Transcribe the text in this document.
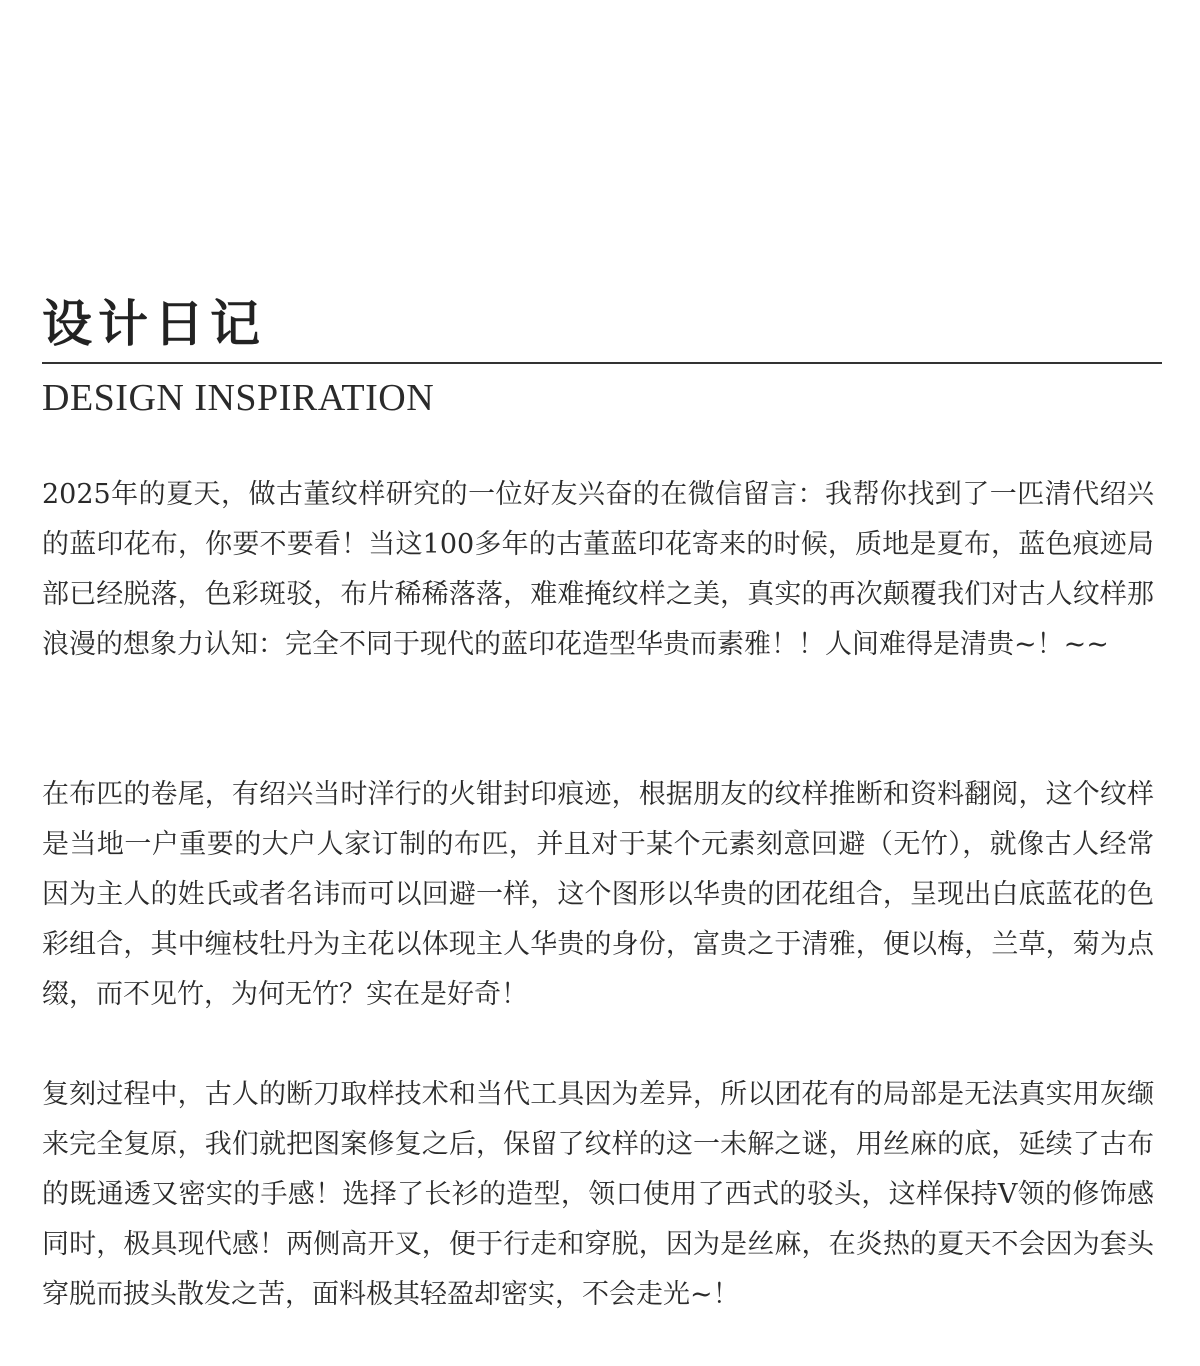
设计日记
DESIGN INSPIRATION

2025年的夏天，做古董纹样研究的一位好友兴奋的在微信留言：我帮你找到了一匹清代绍兴的蓝印花布，你要不要看！当这100多年的古董蓝印花寄来的时候，质地是夏布，蓝色痕迹局部已经脱落，色彩斑驳，布片稀稀落落，难难掩纹样之美，真实的再次颠覆我们对古人纹样那浪漫的想象力认知：完全不同于现代的蓝印花造型华贵而素雅！！人间难得是清贵~！~~

在布匹的卷尾，有绍兴当时洋行的火钳封印痕迹，根据朋友的纹样推断和资料翻阅，这个纹样是当地一户重要的大户人家订制的布匹，并且对于某个元素刻意回避（无竹），就像古人经常因为主人的姓氏或者名讳而可以回避一样，这个图形以华贵的团花组合，呈现出白底蓝花的色彩组合，其中缠枝牡丹为主花以体现主人华贵的身份，富贵之于清雅，便以梅，兰草，菊为点缀，而不见竹，为何无竹？实在是好奇！

复刻过程中，古人的断刀取样技术和当代工具因为差异，所以团花有的局部是无法真实用灰缬来完全复原，我们就把图案修复之后，保留了纹样的这一未解之谜，用丝麻的底，延续了古布的既通透又密实的手感！选择了长衫的造型，领口使用了西式的驳头，这样保持V领的修饰感同时，极具现代感！两侧高开叉，便于行走和穿脱，因为是丝麻，在炎热的夏天不会因为套头穿脱而披头散发之苦，面料极其轻盈却密实，不会走光~！
